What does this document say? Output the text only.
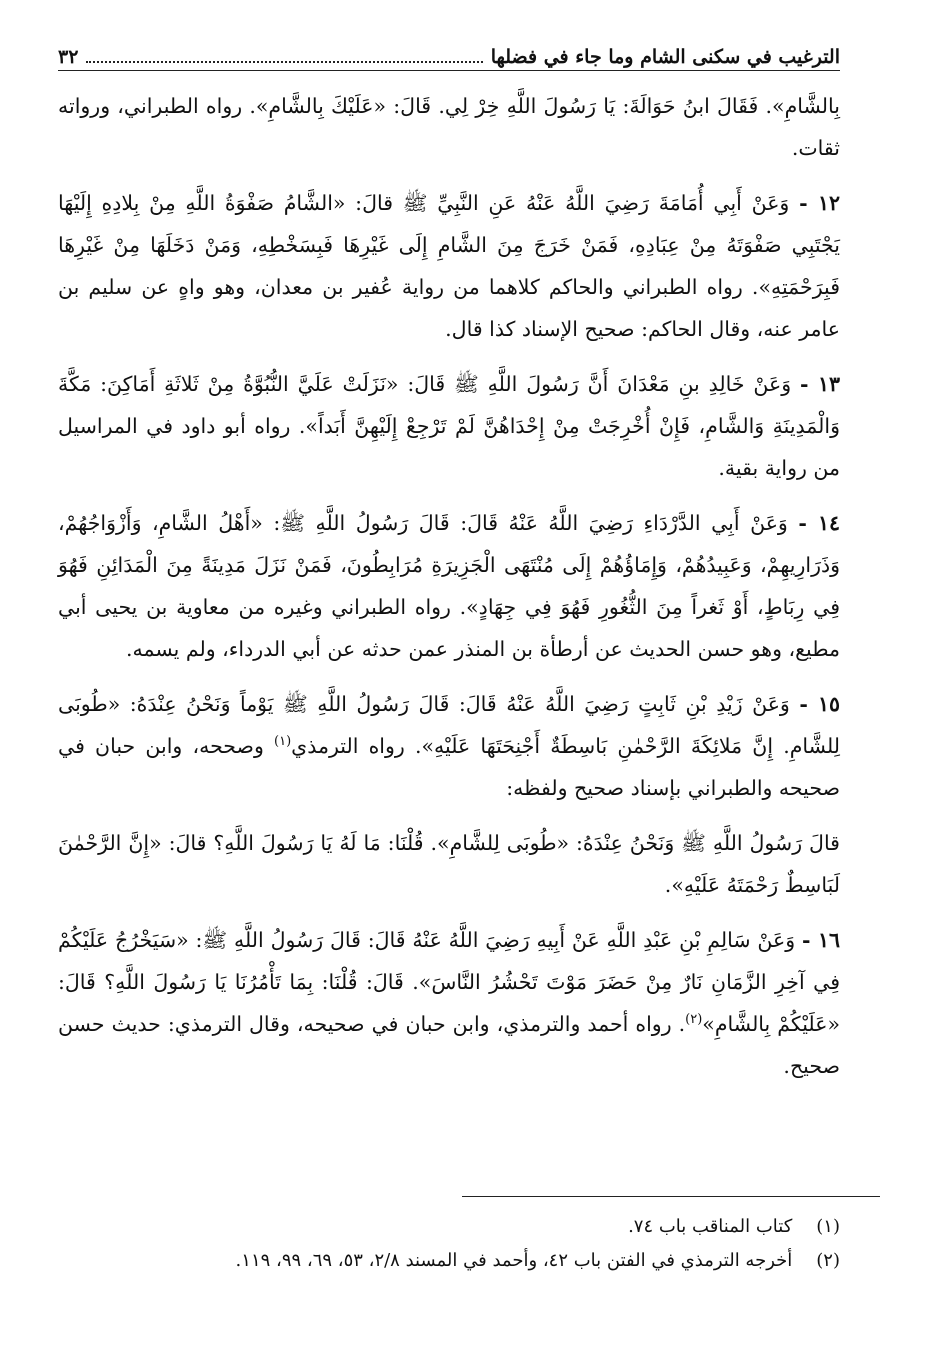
الترغيب في سكنى الشام وما جاء في فضلها
٣٢

بِالشَّامِ». فَقَالَ ابنُ حَوَالَةَ: يَا رَسُولَ اللَّهِ خِرْ لِي. قَالَ: «عَلَيْكَ بِالشَّامِ». رواه الطبراني، ورواته ثقات.

١٢ - وَعَنْ أَبِي أُمَامَةَ رَضِيَ اللَّهُ عَنْهُ عَنِ النَّبِيِّ ﷺ قالَ: «الشَّامُ صَفْوَةُ اللَّهِ مِنْ بِلادِهِ إِلَيْهَا يَجْتَبِي صَفْوَتَهُ مِنْ عِبَادِهِ، فَمَنْ خَرَجَ مِنَ الشَّامِ إِلَى غَيْرِهَا فَبِسَخْطِهِ، وَمَنْ دَخَلَهَا مِنْ غَيْرِهَا فَبِرَحْمَتِهِ». رواه الطبراني والحاكم كلاهما من رواية عُفير بن معدان، وهو واهٍ عن سليم بن عامر عنه، وقال الحاكم: صحيح الإسناد كذا قال.

١٣ - وَعَنْ خَالِدِ بنِ مَعْدَانَ أَنَّ رَسُولَ اللَّهِ ﷺ قَالَ: «نَزَلَتْ عَلَيَّ النُّبُوَّةُ مِنْ ثَلاثَةِ أَمَاكِنَ: مَكَّةَ وَالْمَدِينَةِ وَالشَّامِ، فَإِنْ أُخْرِجَتْ مِنْ إِحْدَاهُنَّ لَمْ تَرْجِعْ إِلَيْهِنَّ أَبَداً». رواه أبو داود في المراسيل من رواية بقية.

١٤ - وَعَنْ أَبِي الدَّرْدَاءِ رَضِيَ اللَّهُ عَنْهُ قَالَ: قَالَ رَسُولُ اللَّهِ ﷺ: «أَهْلُ الشَّامِ، وَأَزْوَاجُهُمْ، وَذَرَارِيهِمْ، وَعَبِيدُهُمْ، وَإِمَاؤُهُمْ إِلَى مُنْتَهَى الْجَزِيرَةِ مُرَابِطُونَ، فَمَنْ نَزَلَ مَدِينَةً مِنَ الْمَدَائِنِ فَهُوَ فِي رِبَاطٍ، أَوْ ثَغراً مِنَ الثُّغُورِ فَهُوَ فِي جِهَادٍ». رواه الطبراني وغيره من معاوية بن يحيى أبي مطيع، وهو حسن الحديث عن أرطأة بن المنذر عمن حدثه عن أبي الدرداء، ولم يسمه.

١٥ - وَعَنْ زَيْدِ بْنِ ثَابِتٍ رَضِيَ اللَّهُ عَنْهُ قَالَ: قَالَ رَسُولُ اللَّهِ ﷺ يَوْماً وَنَحْنُ عِنْدَهُ: «طُوبَى لِلشَّامِ. إِنَّ مَلائِكَةَ الرَّحْمٰنِ بَاسِطَةٌ أَجْنِحَتَهَا عَلَيْهِ». رواه الترمذي$^{(١)}$ وصححه، وابن حبان في صحيحه والطبراني بإسناد صحيح ولفظه:

قالَ رَسُولُ اللَّهِ ﷺ وَنَحْنُ عِنْدَهُ: «طُوبَى لِلشَّامِ». قُلْنَا: مَا لَهُ يَا رَسُولَ اللَّهِ؟ قالَ: «إِنَّ الرَّحْمٰنَ لَبَاسِطٌ رَحْمَتَهُ عَلَيْهِ».

١٦ - وَعَنْ سَالِمِ بْنِ عَبْدِ اللَّهِ عَنْ أَبِيهِ رَضِيَ اللَّهُ عَنْهُ قَالَ: قَالَ رَسُولُ اللَّهِ ﷺ: «سَيَخْرُجُ عَلَيْكُمْ فِي آخِرِ الزَّمَانِ نَارٌ مِنْ حَضَرَ مَوْتَ تَحْشُرُ النَّاسَ». قَالَ: قُلْنَا: بِمَا تَأْمُرُنَا يَا رَسُولَ اللَّهِ؟ قَالَ: «عَلَيْكُمْ بِالشَّامِ»$^{(٢)}$. رواه أحمد والترمذي، وابن حبان في صحيحه، وقال الترمذي: حديث حسن صحيح.

(١) كتاب المناقب باب ٧٤.

(٢) أخرجه الترمذي في الفتن باب ٤٢، وأحمد في المسند ٢/٨، ٥٣، ٦٩، ٩٩، ١١٩.
